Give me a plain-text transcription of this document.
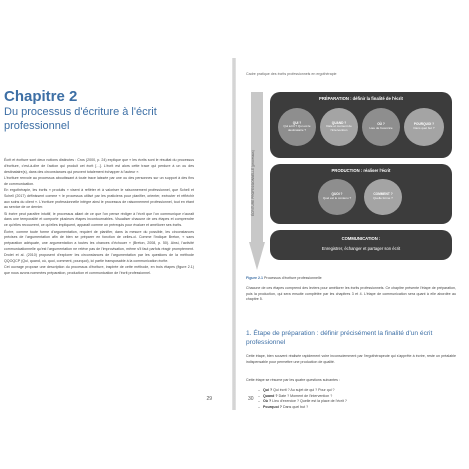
Chapitre 2
Du processus d'écriture à l'écrit professionnel

Écrit et écriture sont deux notions distinctes : Cros (2000, p. 24) explique que « les écrits sont le résultat du processus d'écriture, c'est-à-dire de l'action qui produit cet écrit […]. L'écrit est alors cette trace qui perdure à un ou des destinataire(s), dans des circonstances qui peuvent totalement échapper à l'auteur ».

L'écriture renvoie au processus aboutissant à toute trace laissée par une ou des personnes sur un support à des fins de communication.

En ergothérapie, les écrits « produits » visent à refléter et à valoriser le raisonnement professionnel, que Schell et Schell (2017) définissent comme « le processus utilisé par les praticiens pour planifier, orienter, exécuter et réfléchir aux soins du client ». L'écriture professionnelle intègre ainsi le processus de raisonnement professionnel, tout en étant au service de ce dernier.

Si écrire peut paraître intuitif, le processus allant de ce que l'on pense rédiger à l'écrit que l'on communique n'aurait dans une temporalité et comporte plusieurs étapes incontournables. Visualiser chacune de ces étapes et comprendre ce qu'elles recouvrent, ce qu'elles impliquent, apparaît comme un prérequis pour évaluer et améliorer ses écrits.

Écrire, comme toute forme d'argumentation, requiert de planifier, dans la mesure du possible, les circonstances précises de l'argumentation afin de bien se préparer en fonction de celles-ci. Comme l'indique Breton, « sans préparation adéquate, une argumentation a toutes les chances d'échouer » (Breton, 2008, p. 50). Ainsi, l'activité communicationnelle qu'est l'argumentation ne relève pas de l'improvisation, même s'il faut parfois réagir promptement. Drolet et al. (2010) proposent d'explorer les circonstances de l'argumentation par les questions de la méthode QQOQCP (Qui, quand, où, quoi, comment, pourquoi), ici partie transposable à la communication écrite.

Cet ouvrage propose une description du processus d'écriture, inspirée de cette méthode, en trois étapes (figure 2.1) que nous avons nommées préparation, production et communication de l'écrit professionnel.

29
Cadre pratique des écrits professionnels en ergothérapie
ÉCRITURE PROFESSIONNELLE (processus)
PRÉPARATION : définir la finalité de l'écrit
QUI ?
Qui écrit ? Qui est le destinataire ?
QUAND ?
Date et moment de l'intervention
OÙ ?
Lieu de l'exercice
POURQUOI ?
Dans quel but ?
PRODUCTION : réaliser l'écrit
QUOI ?
Quel est le contenu ?
COMMENT ?
Quelle forme ?
COMMUNICATION :
Enregistrer, échanger et partager son écrit
Figure 2.1 Processus d'écriture professionnelle

Chacune de ces étapes comprend des leviers pour améliorer les écrits professionnels. Ce chapitre présente l'étape de préparation, puis la production, qui sera ensuite complétée par les chapitres 3 et 4. L'étape de communication sera quant à elle abordée au chapitre 5.

1. Étape de préparation : définir précisément la finalité d'un écrit professionnel

Cette étape, bien souvent réalisée rapidement voire inconsciemment par l'ergothérapeute qui s'apprête à écrire, reste un préalable indispensable pour permettre une production de qualité.

Cette étape se résume par les quatre questions suivantes :

– Qui ? Qui écrit ? Au sujet de qui ? Pour qui ?
– Quand ? Date ? Moment de l'intervention ?
– Où ? Lieu d'exercice ? Quelle est la place de l'écrit ?
– Pourquoi ? Dans quel but ?
30
